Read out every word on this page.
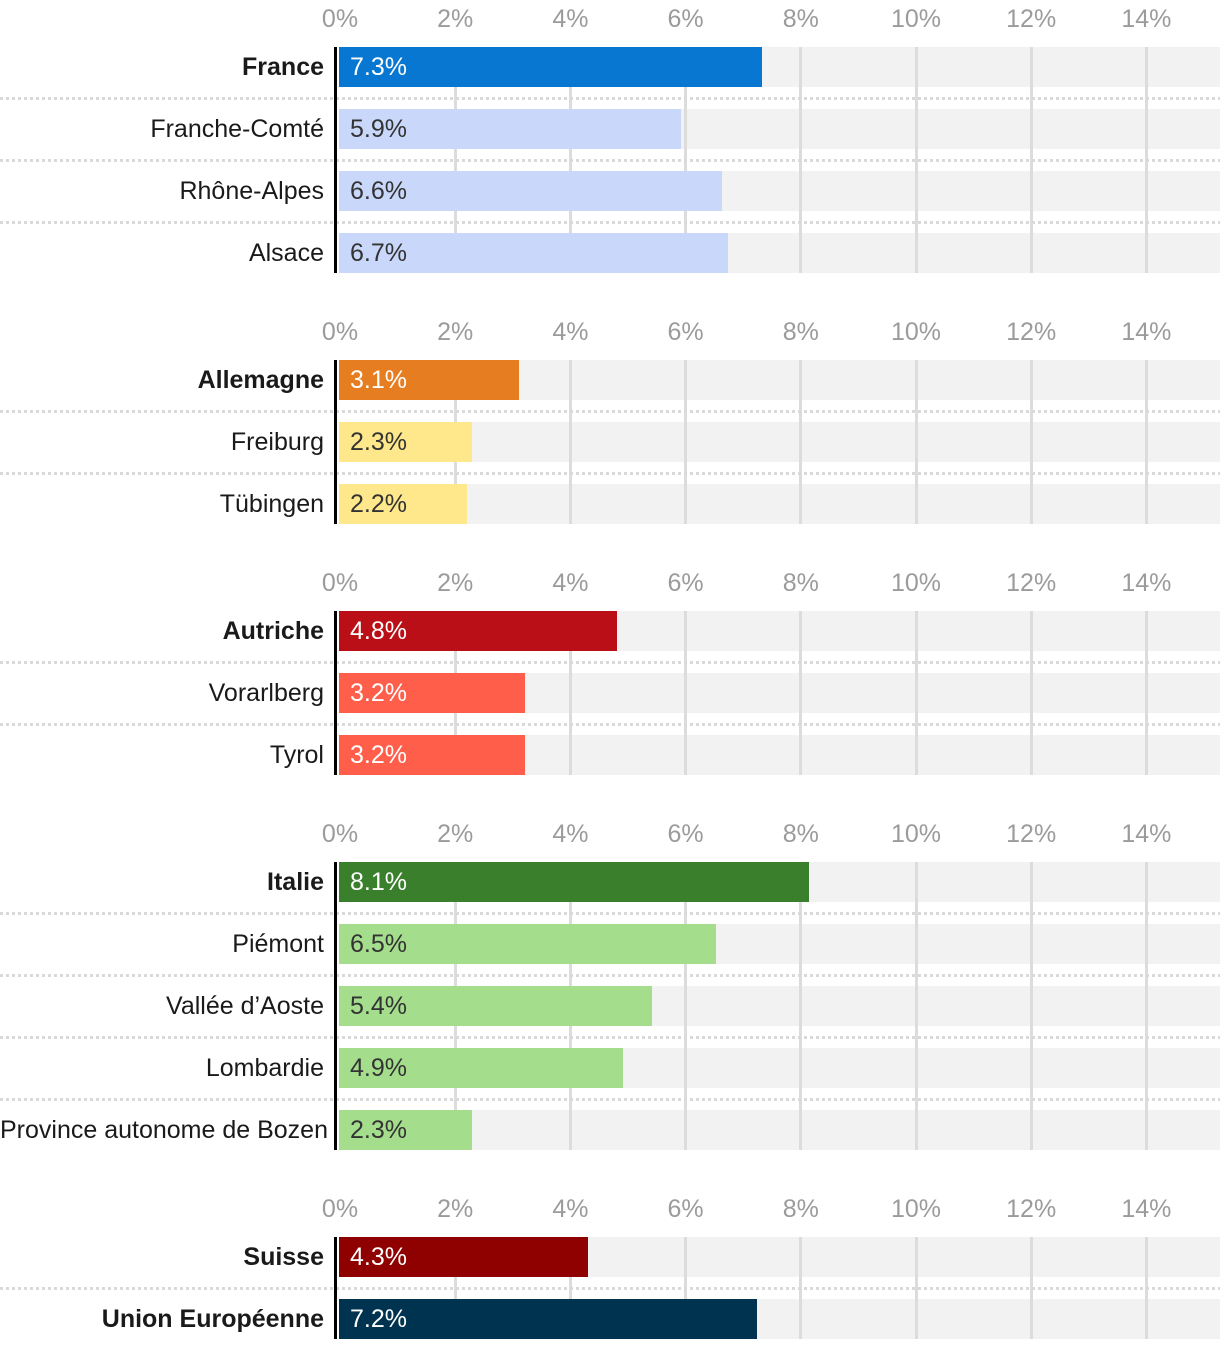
0%	2%	4%	6%	8%	10%	12%	14%
France	7.3%
Franche-Comté	5.9%
Rhône-Alpes	6.6%
Alsace	6.7%
0%	2%	4%	6%	8%	10%	12%	14%
Allemagne	3.1%
Freiburg	2.3%
Tübingen	2.2%
0%	2%	4%	6%	8%	10%	12%	14%
Autriche	4.8%
Vorarlberg	3.2%
Tyrol	3.2%
0%	2%	4%	6%	8%	10%	12%	14%
Italie	8.1%
Piémont	6.5%
Vallée d’Aoste	5.4%
Lombardie	4.9%
Province autonome de Bozen 2.3%
0%	2%	4%	6%	8%	10%	12%	14%
Suisse	4.3%
Union Européenne	7.2%
